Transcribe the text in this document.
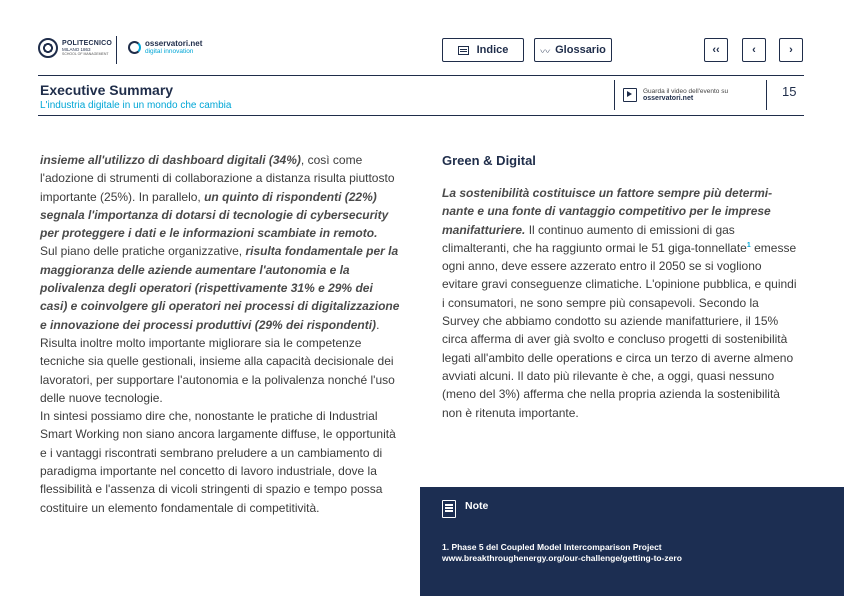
POLITECNICO
MILANO 1863
SCHOOL OF MANAGEMENT
osservatori.net
digital innovation	Indice	〰 Glossario	‹‹	‹	›
Executive Summary
L'industria digitale in un mondo che cambia
Guarda il video dell'evento su
osservatori.net	15

insieme all'utilizzo di dashboard digitali (34%), così come l'adozione di strumenti di collaborazione a distanza risulta piuttosto importante (25%). In parallelo, un quinto di rispondenti (22%) segnala l'importanza di dotarsi di tecnologie di cybersecurity per proteggere i dati e le informazioni scambiate in remoto.

Sul piano delle pratiche organizzative, risulta fondamentale per la maggioranza delle aziende aumentare l'autonomia e la polivalenza degli operatori (rispettivamente 31% e 29% dei casi) e coinvolgere gli operatori nei processi di digitalizzazione e innovazione dei processi produttivi (29% dei rispondenti). Risulta inoltre molto importante migliorare sia le competenze tecniche sia quelle gestionali, insieme alla capacità decisionale dei lavoratori, per supportare l'autonomia e la polivalenza nonché l'uso delle nuove tecnologie.

In sintesi possiamo dire che, nonostante le pratiche di Industrial Smart Working non siano ancora largamente diffuse, le opportunità e i vantaggi riscontrati sembrano preludere a un cambiamento di paradigma importante nel concetto di lavoro industriale, dove la flessibilità e l'assenza di vicoli stringenti di spazio e tempo possa costituire un elemento fondamentale di competitività.

Green & Digital

La sostenibilità costituisce un fattore sempre più determinante e una fonte di vantaggio competitivo per le imprese manifatturiere. Il continuo aumento di emissioni di gas climalteranti, che ha raggiunto ormai le 51 giga-tonnellate$^1$ emesse ogni anno, deve essere azzerato entro il 2050 se si vogliono evitare gravi conseguenze climatiche. L'opinione pubblica, e quindi i consumatori, ne sono sempre più consapevoli. Secondo la Survey che abbiamo condotto su aziende manifatturiere, il 15% circa afferma di aver già svolto e concluso progetti di sostenibilità legati all'ambito delle operations e circa un terzo di averne almeno avviati alcuni. Il dato più rilevante è che, a oggi, quasi nessuno (meno del 3%) afferma che nella propria azienda la sostenibilità non è ritenuta importante.

Note
1. Phase 5 del Coupled Model Intercomparison Project
www.breakthroughenergy.org/our-challenge/getting-to-zero
